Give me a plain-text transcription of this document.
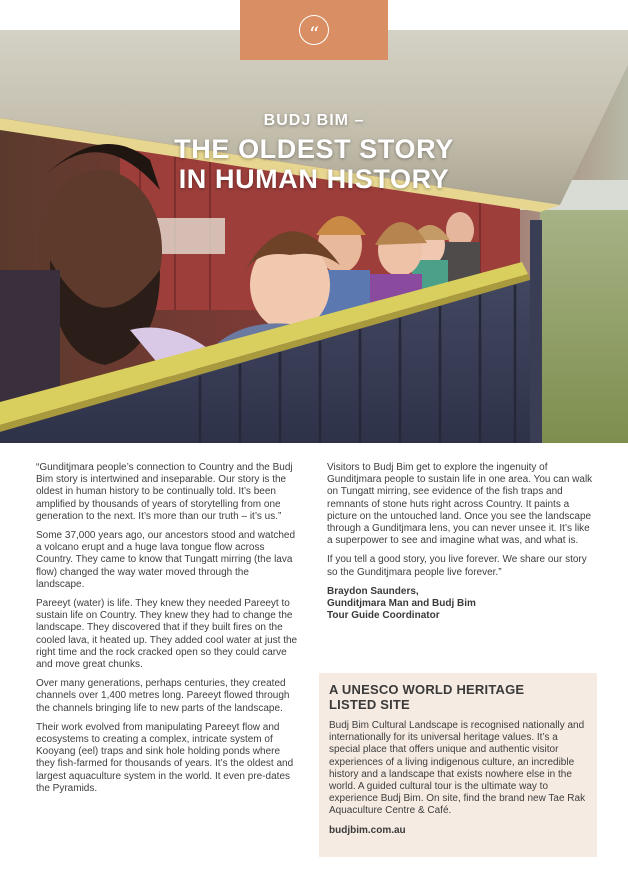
“
BUDJ BIM –
THE OLDEST STORY
IN HUMAN HISTORY

“Gunditjmara people’s connection to Country and the Budj Bim story is intertwined and inseparable. Our story is the oldest in human history to be continually told. It’s been amplified by thousands of years of storytelling from one generation to the next. It’s more than our truth – it’s us.”

Some 37,000 years ago, our ancestors stood and watched a volcano erupt and a huge lava tongue flow across Country. They came to know that Tungatt mirring (the lava flow) changed the way water moved through the landscape.

Pareeyt (water) is life. They knew they needed Pareeyt to sustain life on Country. They knew they had to change the landscape. They discovered that if they built fires on the cooled lava, it heated up. They added cool water at just the right time and the rock cracked open so they could carve and move great chunks.

Over many generations, perhaps centuries, they created channels over 1,400 metres long. Pareeyt flowed through the channels bringing life to new parts of the landscape.

Their work evolved from manipulating Pareeyt flow and ecosystems to creating a complex, intricate system of Kooyang (eel) traps and sink hole holding ponds where they fish-farmed for thousands of years. It’s the oldest and largest aquaculture system in the world. It even pre-dates the Pyramids.

Visitors to Budj Bim get to explore the ingenuity of Gunditjmara people to sustain life in one area. You can walk on Tungatt mirring, see evidence of the fish traps and remnants of stone huts right across Country. It paints a picture on the untouched land. Once you see the landscape through a Gunditjmara lens, you can never unsee it. It’s like a superpower to see and imagine what was, and what is.

If you tell a good story, you live forever. We share our story so the Gunditjmara people live forever.”

Braydon Saunders,
Gunditjmara Man and Budj Bim
Tour Guide Coordinator
A UNESCO WORLD HERITAGE
LISTED SITE

Budj Bim Cultural Landscape is recognised nationally and internationally for its universal heritage values. It’s a special place that offers unique and authentic visitor experiences of a living indigenous culture, an incredible history and a landscape that exists nowhere else in the world. A guided cultural tour is the ultimate way to experience Budj Bim. On site, find the brand new Tae Rak Aquaculture Centre & Café.

budjbim.com.au
